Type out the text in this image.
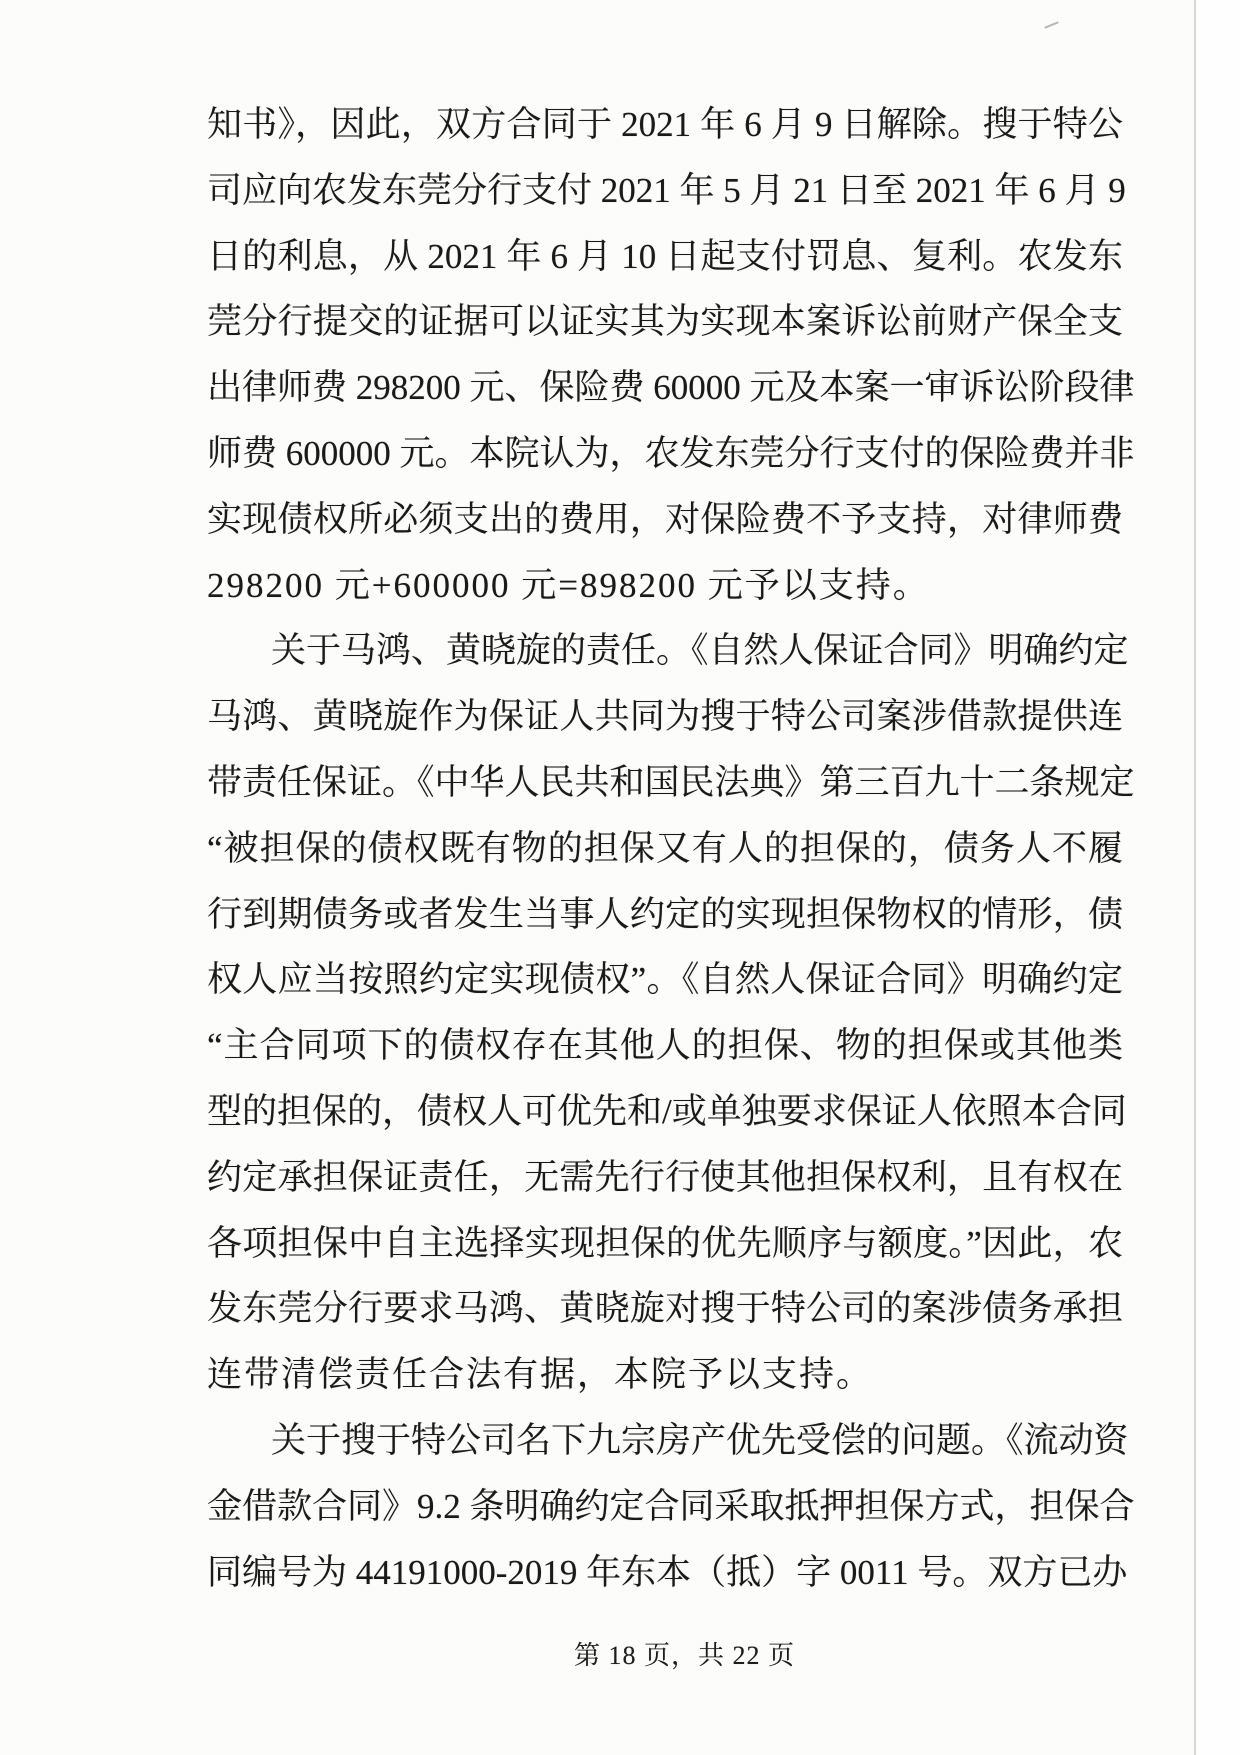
知书》，因此，双方合同于 2021 年 6 月 9 日解除。搜于特公
司应向农发东莞分行支付 2021 年 5 月 21 日至 2021 年 6 月 9
日的利息，从 2021 年 6 月 10 日起支付罚息、复利。农发东
莞分行提交的证据可以证实其为实现本案诉讼前财产保全支
出律师费 298200 元、保险费 60000 元及本案一审诉讼阶段律
师费 600000 元。本院认为，农发东莞分行支付的保险费并非
实现债权所必须支出的费用，对保险费不予支持，对律师费
298200 元+600000 元=898200 元予以支持。
关于马鸿、黄晓旋的责任。《自然人保证合同》明确约定
马鸿、黄晓旋作为保证人共同为搜于特公司案涉借款提供连
带责任保证。《中华人民共和国民法典》第三百九十二条规定
“被担保的债权既有物的担保又有人的担保的，债务人不履
行到期债务或者发生当事人约定的实现担保物权的情形，债
权人应当按照约定实现债权”。《自然人保证合同》明确约定
“主合同项下的债权存在其他人的担保、物的担保或其他类
型的担保的，债权人可优先和/或单独要求保证人依照本合同
约定承担保证责任，无需先行行使其他担保权利，且有权在
各项担保中自主选择实现担保的优先顺序与额度。”因此，农
发东莞分行要求马鸿、黄晓旋对搜于特公司的案涉债务承担
连带清偿责任合法有据，本院予以支持。
关于搜于特公司名下九宗房产优先受偿的问题。《流动资
金借款合同》9.2 条明确约定合同采取抵押担保方式，担保合
同编号为 44191000-2019 年东本（抵）字 0011 号。双方已办
第 18 页，共 22 页
